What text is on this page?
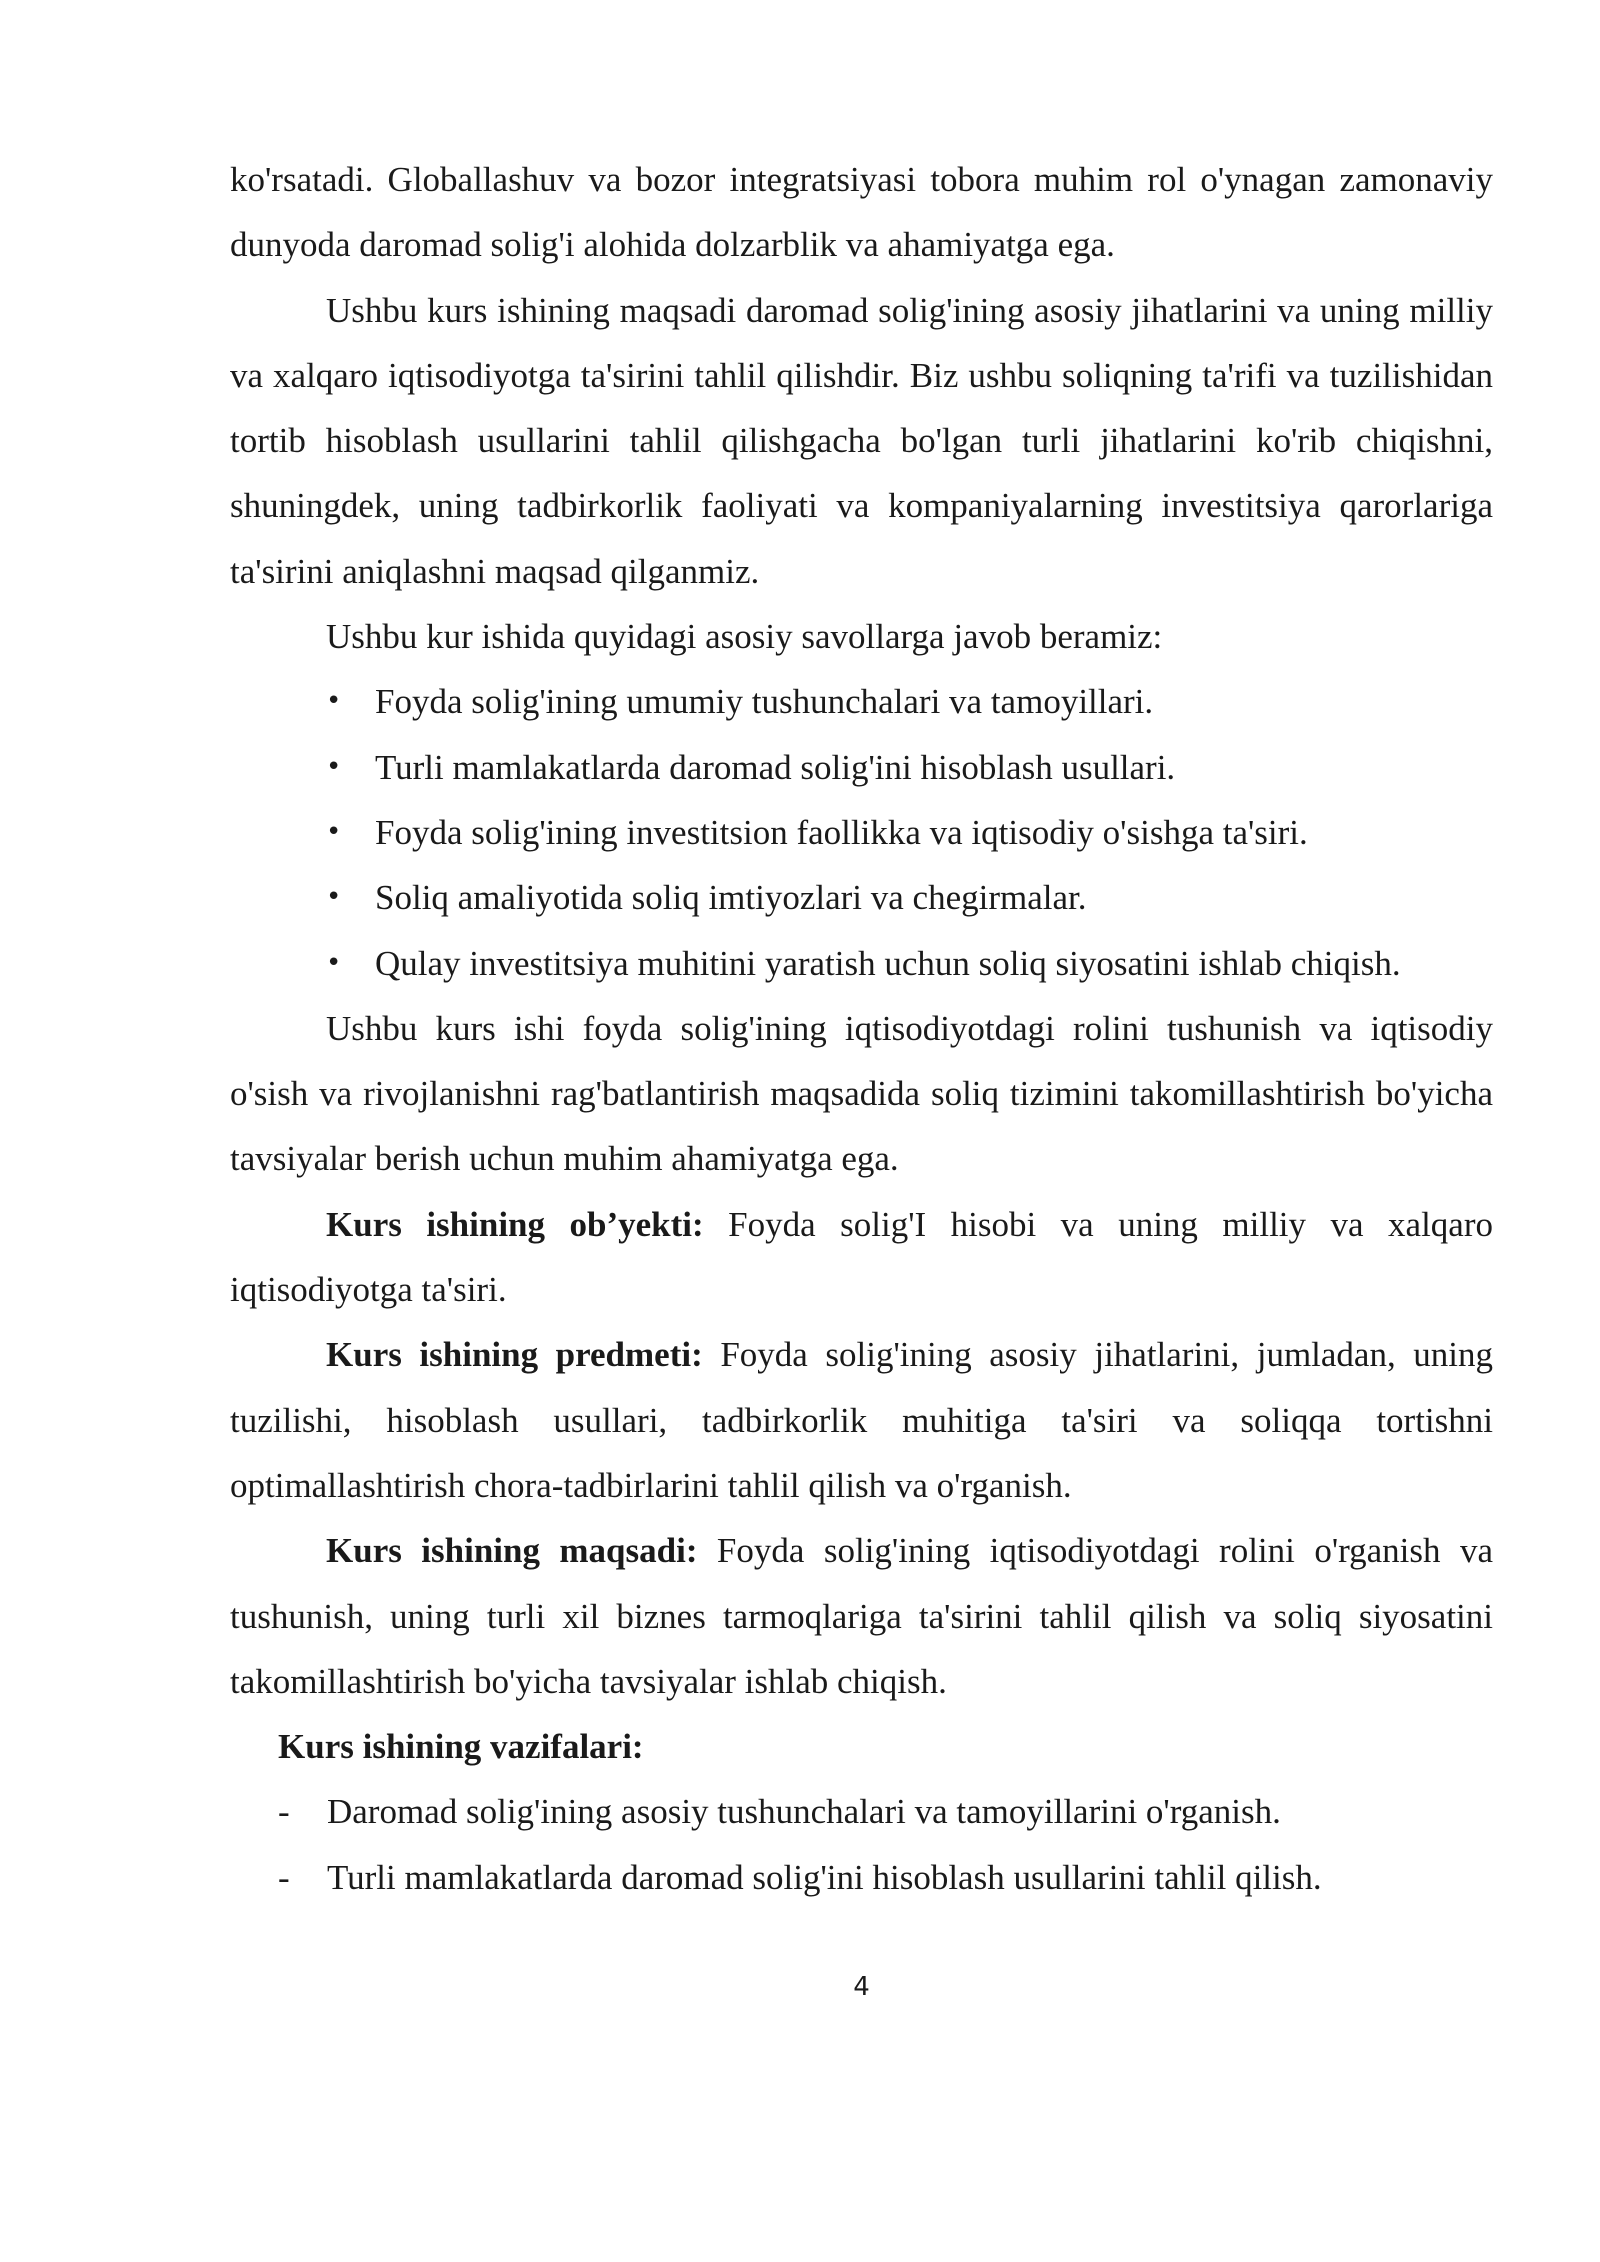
ko'rsatadi. Globallashuv va bozor integratsiyasi tobora muhim rol o'ynagan zamonaviy dunyoda daromad solig'i alohida dolzarblik va ahamiyatga ega.

Ushbu kurs ishining maqsadi daromad solig'ining asosiy jihatlarini va uning milliy va xalqaro iqtisodiyotga ta'sirini tahlil qilishdir. Biz ushbu soliqning ta'rifi va tuzilishidan tortib hisoblash usullarini tahlil qilishgacha bo'lgan turli jihatlarini ko'rib chiqishni, shuningdek, uning tadbirkorlik faoliyati va kompaniyalarning investitsiya qarorlariga ta'sirini aniqlashni maqsad qilganmiz.

Ushbu kur ishida quyidagi asosiy savollarga javob beramiz:

• Foyda solig'ining umumiy tushunchalari va tamoyillari.
• Turli mamlakatlarda daromad solig'ini hisoblash usullari.
• Foyda solig'ining investitsion faollikka va iqtisodiy o'sishga ta'siri.
• Soliq amaliyotida soliq imtiyozlari va chegirmalar.
• Qulay investitsiya muhitini yaratish uchun soliq siyosatini ishlab chiqish.

Ushbu kurs ishi foyda solig'ining iqtisodiyotdagi rolini tushunish va iqtisodiy o'sish va rivojlanishni rag'batlantirish maqsadida soliq tizimini takomillashtirish bo'yicha tavsiyalar berish uchun muhim ahamiyatga ega.

Kurs ishining ob’yekti: Foyda solig'I hisobi va uning milliy va xalqaro iqtisodiyotga ta'siri.

Kurs ishining predmeti: Foyda solig'ining asosiy jihatlarini, jumladan, uning tuzilishi, hisoblash usullari, tadbirkorlik muhitiga ta'siri va soliqqa tortishni optimallashtirish chora-tadbirlarini tahlil qilish va o'rganish.

Kurs ishining maqsadi: Foyda solig'ining iqtisodiyotdagi rolini o'rganish va tushunish, uning turli xil biznes tarmoqlariga ta'sirini tahlil qilish va soliq siyosatini takomillashtirish bo'yicha tavsiyalar ishlab chiqish.

Kurs ishining vazifalari:

- Daromad solig'ining asosiy tushunchalari va tamoyillarini o'rganish.
- Turli mamlakatlarda daromad solig'ini hisoblash usullarini tahlil qilish.
4
